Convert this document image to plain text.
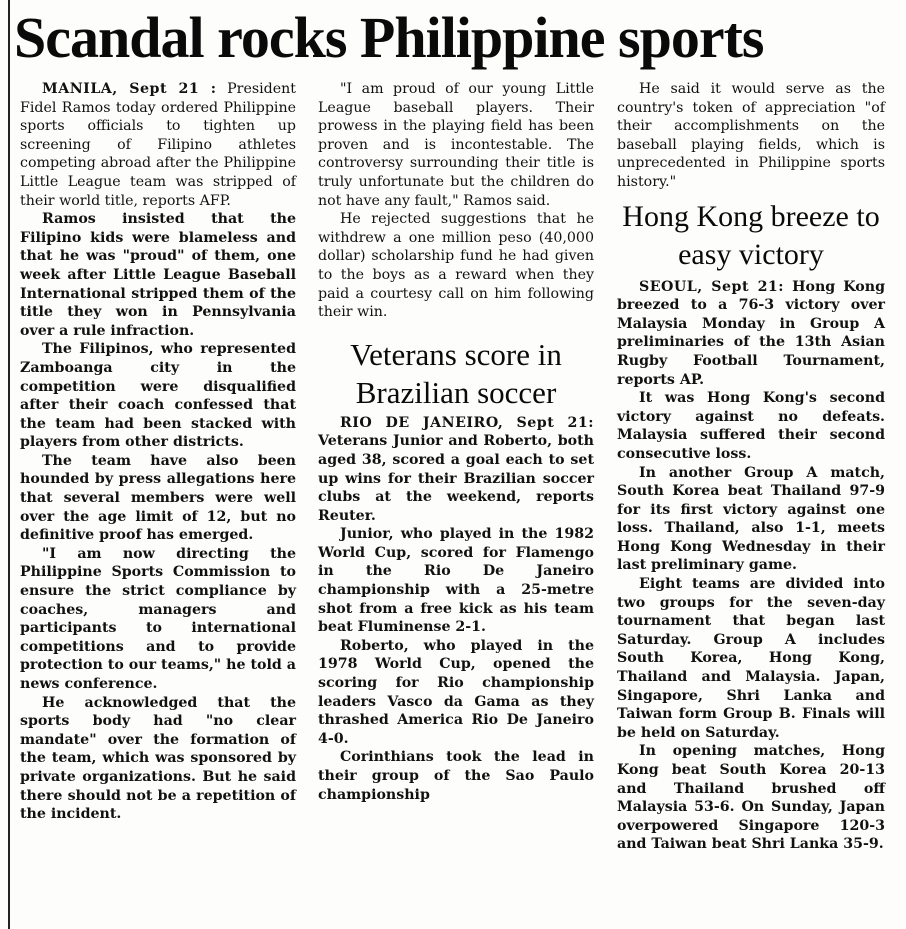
Scandal rocks Philippine sports

MANILA, Sept 21 : President Fidel Ramos today ordered Philippine sports officials to tighten up screening of Filipino athletes competing abroad after the Philippine Little League team was stripped of their world title, reports AFP.

Ramos insisted that the Filipino kids were blameless and that he was "proud" of them, one week after Little League Baseball International stripped them of the title they won in Pennsylvania over a rule infraction.

The Filipinos, who represented Zamboanga city in the competition were disqualified after their coach confessed that the team had been stacked with players from other districts.

The team have also been hounded by press allegations here that several members were well over the age limit of 12, but no definitive proof has emerged.

"I am now directing the Philippine Sports Commission to ensure the strict compliance by coaches, managers and participants to international competitions and to provide protection to our teams," he told a news conference.

He acknowledged that the sports body had "no clear mandate" over the formation of the team, which was sponsored by private organizations. But he said there should not be a repetition of the incident.

"I am proud of our young Little League baseball players. Their prowess in the playing field has been proven and is incontestable. The controversy surrounding their title is truly unfortunate but the children do not have any fault," Ramos said.

He rejected suggestions that he withdrew a one million peso (40,000 dollar) scholarship fund he had given to the boys as a reward when they paid a courtesy call on him following their win.

Veterans score in Brazilian soccer

RIO DE JANEIRO, Sept 21: Veterans Junior and Roberto, both aged 38, scored a goal each to set up wins for their Brazilian soccer clubs at the weekend, reports Reuter.

Junior, who played in the 1982 World Cup, scored for Flamengo in the Rio De Janeiro championship with a 25-metre shot from a free kick as his team beat Fluminense 2-1.

Roberto, who played in the 1978 World Cup, opened the scoring for Rio championship leaders Vasco da Gama as they thrashed America Rio De Janeiro 4-0.

Corinthians took the lead in their group of the Sao Paulo championship

He said it would serve as the country's token of appreciation "of their accomplishments on the baseball playing fields, which is unprecedented in Philippine sports history."

Hong Kong breeze to easy victory

SEOUL, Sept 21: Hong Kong breezed to a 76-3 victory over Malaysia Monday in Group A preliminaries of the 13th Asian Rugby Football Tournament, reports AP.

It was Hong Kong's second victory against no defeats. Malaysia suffered their second consecutive loss.

In another Group A match, South Korea beat Thailand 97-9 for its first victory against one loss. Thailand, also 1-1, meets Hong Kong Wednesday in their last preliminary game.

Eight teams are divided into two groups for the seven-day tournament that began last Saturday. Group A includes South Korea, Hong Kong, Thailand and Malaysia. Japan, Singapore, Shri Lanka and Taiwan form Group B. Finals will be held on Saturday.

In opening matches, Hong Kong beat South Korea 20-13 and Thailand brushed off Malaysia 53-6. On Sunday, Japan overpowered Singapore 120-3 and Taiwan beat Shri Lanka 35-9.
